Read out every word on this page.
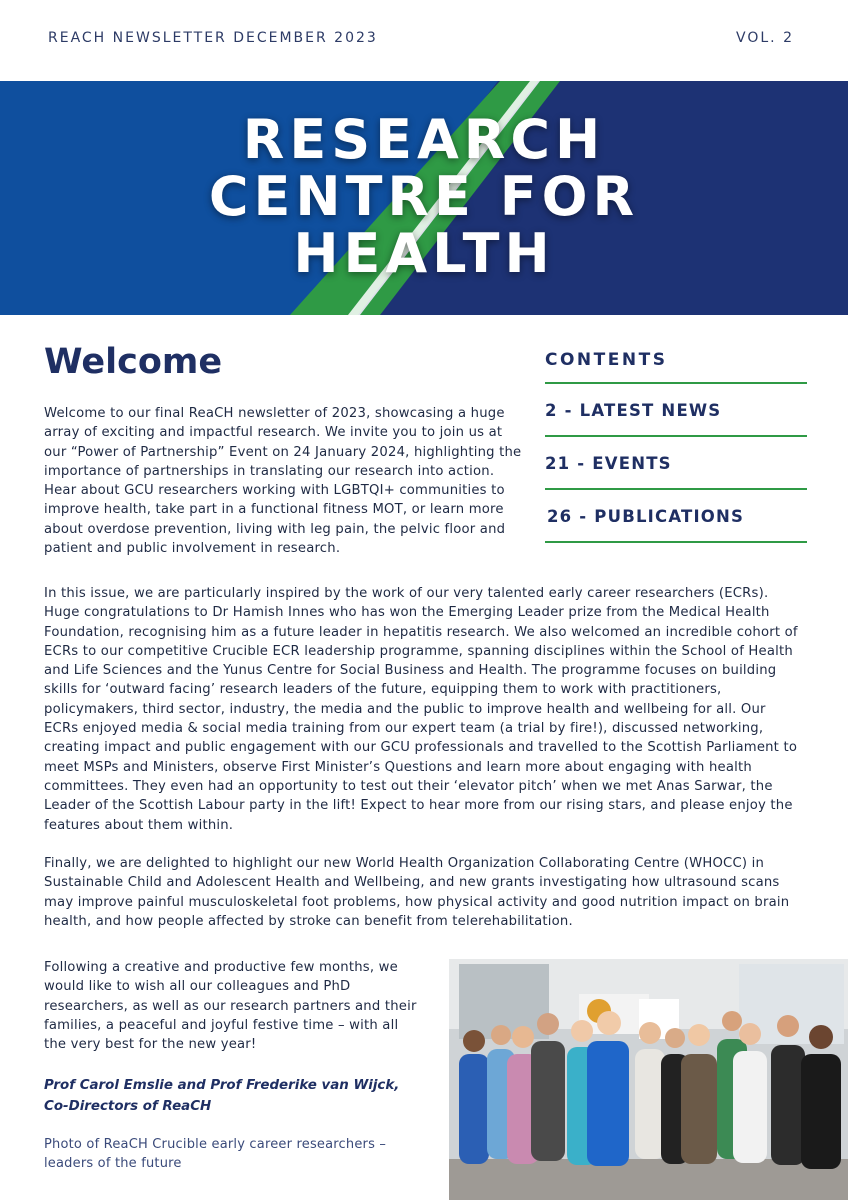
REACH NEWSLETTER DECEMBER 2023	VOL. 2
RESEARCH
CENTRE FOR
HEALTH
Welcome
Welcome to our final ReaCH newsletter of 2023, showcasing a huge array of exciting and impactful research. We invite you to join us at our “Power of Partnership” Event on 24 January 2024, highlighting the importance of partnerships in translating our research into action. Hear about GCU researchers working with LGBTQI+ communities to improve health, take part in a functional fitness MOT, or learn more about overdose prevention, living with leg pain, the pelvic floor and patient and public involvement in research.
CONTENTS
2 - LATEST NEWS
21 - EVENTS
26 - PUBLICATIONS
In this issue, we are particularly inspired by the work of our very talented early career researchers (ECRs). Huge congratulations to Dr Hamish Innes who has won the Emerging Leader prize from the Medical Health Foundation, recognising him as a future leader in hepatitis research. We also welcomed an incredible cohort of ECRs to our competitive Crucible ECR leadership programme, spanning disciplines within the School of Health and Life Sciences and the Yunus Centre for Social Business and Health. The programme focuses on building skills for ‘outward facing’ research leaders of the future, equipping them to work with practitioners, policymakers, third sector, industry, the media and the public to improve health and wellbeing for all. Our ECRs enjoyed media & social media training from our expert team (a trial by fire!), discussed networking, creating impact and public engagement with our GCU professionals and travelled to the Scottish Parliament to meet MSPs and Ministers, observe First Minister’s Questions and learn more about engaging with health committees. They even had an opportunity to test out their ‘elevator pitch’ when we met Anas Sarwar, the Leader of the Scottish Labour party in the lift! Expect to hear more from our rising stars, and please enjoy the features about them within.
Finally, we are delighted to highlight our new World Health Organization Collaborating Centre (WHOCC) in Sustainable Child and Adolescent Health and Wellbeing, and new grants investigating how ultrasound scans may improve painful musculoskeletal foot problems, how physical activity and good nutrition impact on brain health, and how people affected by stroke can benefit from telerehabilitation.
Following a creative and productive few months, we would like to wish all our colleagues and PhD researchers, as well as our research partners and their families, a peaceful and joyful festive time – with all the very best for the new year!
Prof Carol Emslie and Prof Frederike van Wijck, Co-Directors of ReaCH
Photo of ReaCH Crucible early career researchers – leaders of the future
